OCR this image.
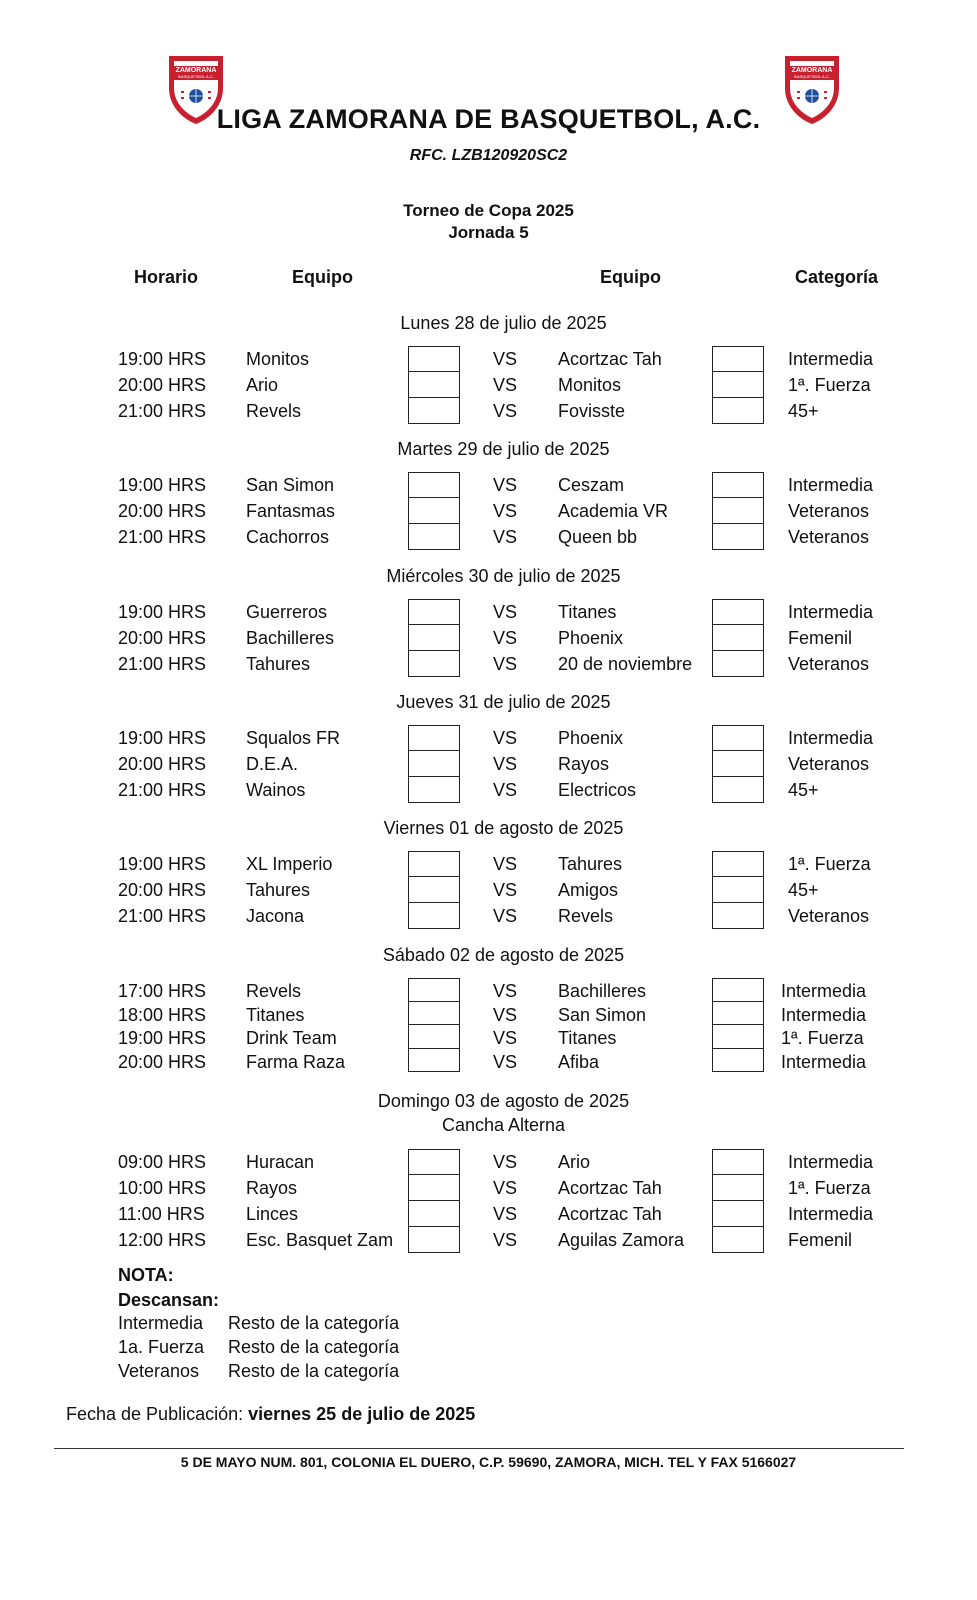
ZAMORANA
BASQUETBOL A.C.
ZAMORANA
BASQUETBOL A.C.
LIGA ZAMORANA DE BASQUETBOL, A.C.
RFC. LZB120920SC2
Torneo de Copa 2025
Jornada 5
Horario	Equipo	Equipo	Categoría
Lunes 28 de julio de 2025
19:00 HRS Monitos	VS Acortzac Tah	Intermedia
20:00 HRS Ario	VS Monitos	1ª. Fuerza
21:00 HRS Revels	VS Fovisste	45+
Martes 29 de julio de 2025
19:00 HRS San Simon	VS Ceszam	Intermedia
20:00 HRS Fantasmas	VS Academia VR	Veteranos
21:00 HRS Cachorros	VS Queen bb	Veteranos
Miércoles 30 de julio de 2025
19:00 HRS Guerreros	VS Titanes	Intermedia
20:00 HRS Bachilleres	VS Phoenix	Femenil
21:00 HRS Tahures	VS 20 de noviembre	Veteranos
Jueves 31 de julio de 2025
19:00 HRS Squalos FR	VS Phoenix	Intermedia
20:00 HRS D.E.A.	VS Rayos	Veteranos
21:00 HRS Wainos	VS Electricos	45+
Viernes 01 de agosto de 2025
19:00 HRS XL Imperio	VS Tahures	1ª. Fuerza
20:00 HRS Tahures	VS Amigos	45+
21:00 HRS Jacona	VS Revels	Veteranos
Sábado 02 de agosto de 2025
17:00 HRS Revels	VS Bachilleres	Intermedia
18:00 HRS Titanes	VS San Simon	Intermedia
19:00 HRS Drink Team	VS Titanes	1ª. Fuerza
20:00 HRS Farma Raza	VS Afiba	Intermedia
Domingo 03 de agosto de 2025
Cancha Alterna
09:00 HRS Huracan	VS Ario	Intermedia
10:00 HRS Rayos	VS Acortzac Tah	1ª. Fuerza
11:00 HRS Linces	VS Acortzac Tah	Intermedia
12:00 HRS Esc. Basquet Zam	VS Aguilas Zamora	Femenil
NOTA:
Descansan:
Intermedia Resto de la categoría
1a. Fuerza Resto de la categoría
Veteranos Resto de la categoría
Fecha de Publicación: viernes 25 de julio de 2025
5 DE MAYO NUM. 801, COLONIA EL DUERO, C.P. 59690, ZAMORA, MICH. TEL Y FAX 5166027
